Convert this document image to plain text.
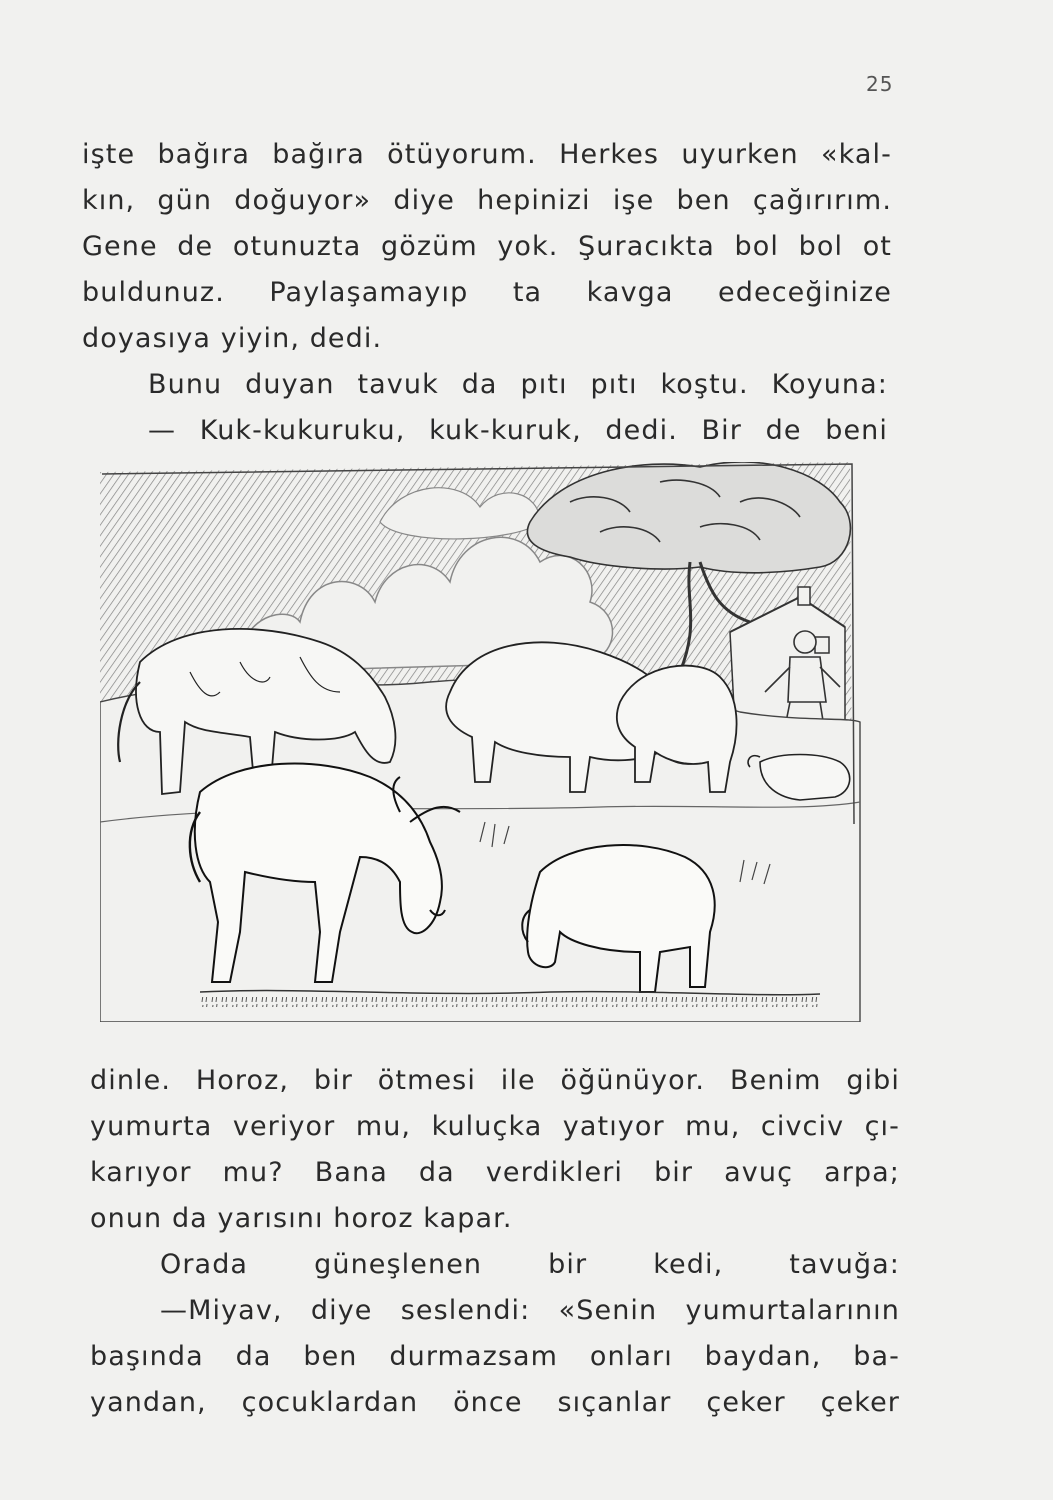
25
işte bağıra bağıra ötüyorum. Herkes uyurken «kal-
kın, gün doğuyor» diye hepinizi işe ben çağırırım.
Gene de otunuzta gözüm yok. Şuracıkta bol bol ot
buldunuz. Paylaşamayıp ta kavga edeceğinize
doyasıya yiyin, dedi.
Bunu duyan tavuk da pıtı pıtı koştu. Koyuna:
— Kuk-kukuruku, kuk-kuruk, dedi. Bir de beni
dinle. Horoz, bir ötmesi ile öğünüyor. Benim gibi
yumurta veriyor mu, kuluçka yatıyor mu, civciv çı-
karıyor mu? Bana da verdikleri bir avuç arpa;
onun da yarısını horoz kapar.
Orada güneşlenen bir kedi, tavuğa:
—Miyav, diye seslendi: «Senin yumurtalarının
başında da ben durmazsam onları baydan, ba-
yandan, çocuklardan önce sıçanlar çeker çeker
